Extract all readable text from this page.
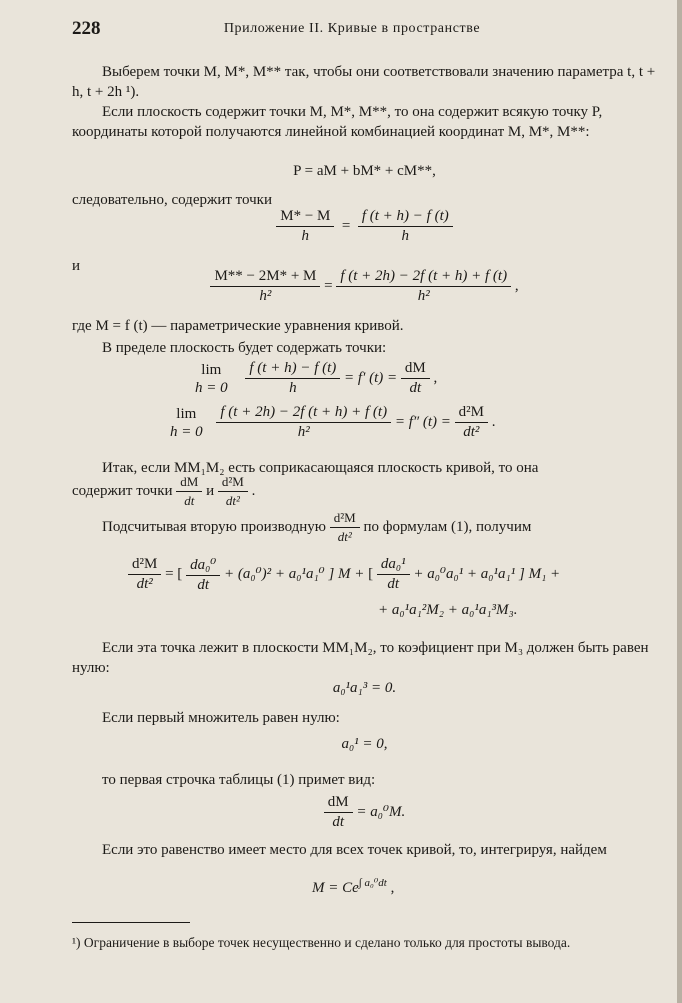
228	Приложение II. Кривые в пространстве

Выберем точки M, M*, M** так, чтобы они соответствовали значению параметра t, t + h, t + 2h ¹).

Если плоскость содержит точки M, M*, M**, то она содержит всякую точку P, координаты которой получаются линейной комбинацией координат M, M*, M**:

P = aM + bM* + cM**,

следовательно, содержит точки

$\frac{M* - M}{h} = \frac{f (t + h) - f (t)}{h}$
и
$\frac{M** - 2M* + M}{\text{h²}} = \frac{f (t + 2h) - 2f (t + h) + f (t)}{\text{h²}}$ ,

где M = f (t) — параметрические уравнения кривой.

В пределе плоскость будет содержать точки:

lim
h = 0
$\frac{f (t + h) - f (t)}{h} = f'$ $(t) = \frac{dM}{dt}$ ,
lim
h = 0
$\frac{f (t + 2h) - 2f (t + h) + f (t)}{\text{h²}} = f''$ $(t) = \frac{\text{d²M}}{\text{dt²}}$ .

Итак, если MM₁M₂ есть соприкасающаяся плоскость кривой, то она

содержит точки $\frac{dM}{dt}$ и $\frac{\text{d²M}}{\text{dt²}}$ .
Подсчитывая вторую производную $\frac{\text{d²M}}{\text{dt²}}$ по формулам (1), получим
$\frac{\text{d²M}}{\text{dt²}}$ = [ $\frac{\text{da₀⁰}}{dt} + (a_0^0)^2 + a_0^1a_1^0$ ] M + [ $\frac{\text{da₀¹}}{dt} + a_0^0a_0^1 + a_0^1a_1^1$ ] M₁ +
+ a₀¹a₁²M₂ + a₀¹a₁³M₃.

Если эта точка лежит в плоскости MM₁M₂, то коэфициент при M₃ должен быть равен нулю:

a₀¹a₁³ = 0.

Если первый множитель равен нулю:

a₀¹ = 0,

то первая строчка таблицы (1) примет вид:

$\frac{dM}{dt} = a_0^0M$.

Если это равенство имеет место для всех точек кривой, то, интегрируя, найдем

$M = Ce^{\int a_0^0dt}$ ,

¹) Ограничение в выборе точек несущественно и сделано только для простоты вывода.
